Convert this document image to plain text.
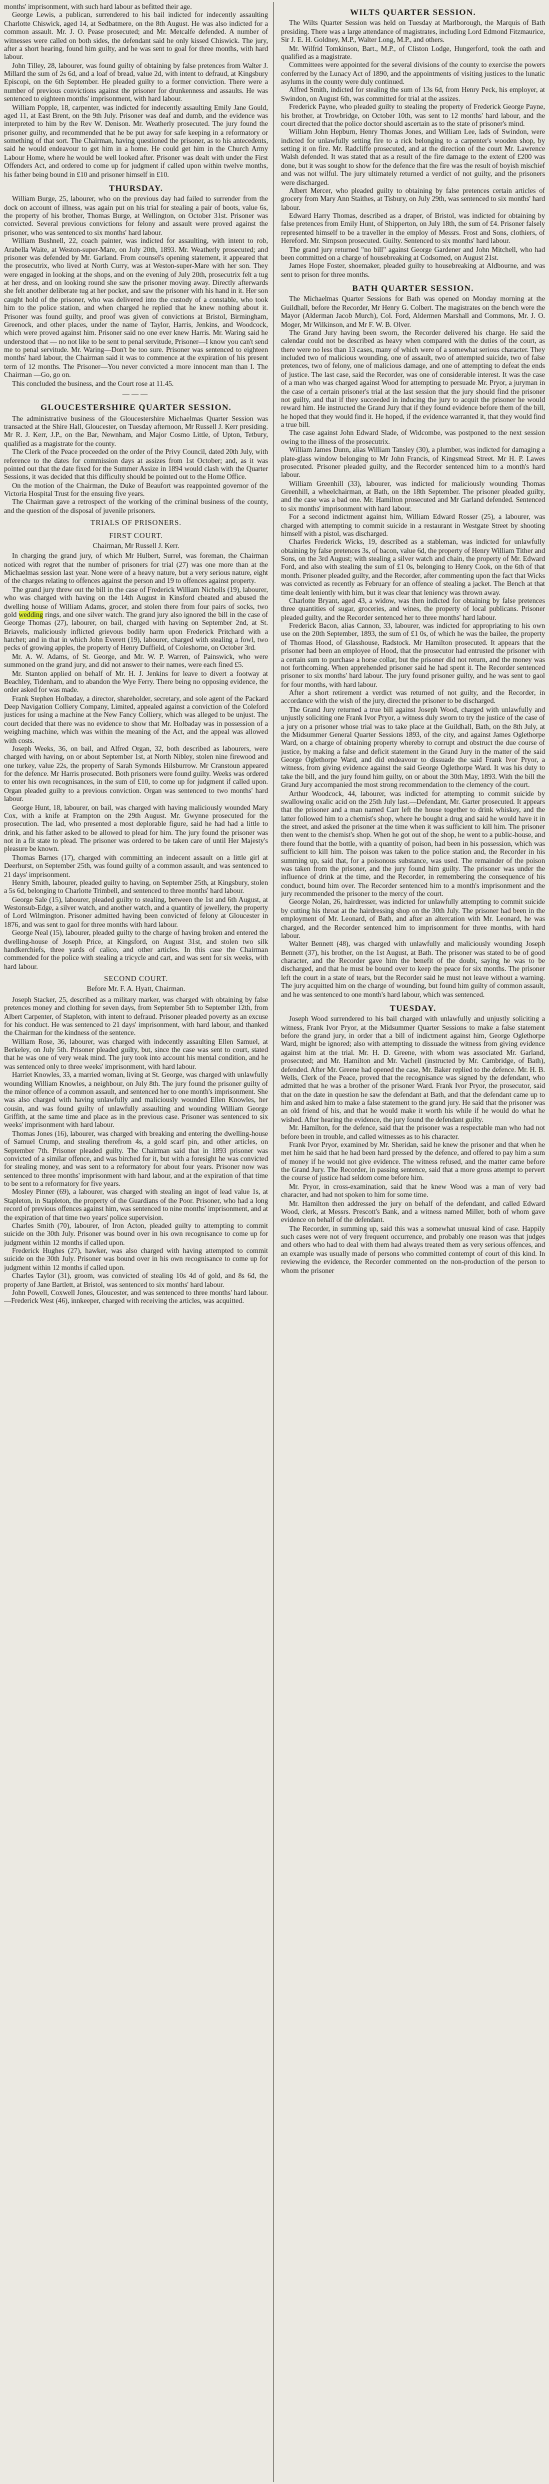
months' imprisonment, with such hard labour as befitted their age.

George Lewis, a publican, surrendered to his bail indicted for indecently assaulting Charlotte Chiswick, aged 14, at Sedbatmere, on the 8th August. He was also indicted for a common assault. Mr. J. O. Pease prosecuted; and Mr. Metcalfe defended. A number of witnesses were called on both sides, the defendant said he only kissed Chiswick. The jury, after a short hearing, found him guilty, and he was sent to goal for three months, with hard labour.

John Tilley, 28, labourer, was found guilty of obtaining by false pretences from Walter J. Millard the sum of 2s 6d, and a loaf of bread, value 2d, with intent to defraud, at Kingsbury Episcopi, on the 6th September. He pleaded guilty to a former conviction. There were a number of previous convictions against the prisoner for drunkenness and assaults. He was sentenced to eighteen months' imprisonment, with hard labour.

William Popple, 18, carpenter, was indicted for indecently assaulting Emily Jane Gould, aged 11, at East Brent, on the 9th July. Prisoner was deaf and dumb, and the evidence was interpreted to him by the Rev W. Denison. Mr. Weatherly prosecuted. The jury found the prisoner guilty, and recommended that he be put away for safe keeping in a reformatory or something of that sort. The Chairman, having questioned the prisoner, as to his antecedents, said he would endeavour to get him in a home. He could get him in the Church Army Labour Home, where he would be well looked after. Prisoner was dealt with under the First Offenders Act, and ordered to come up for judgment if called upon within twelve months, his father being bound in £10 and prisoner himself in £10.

THURSDAY.

William Burge, 25, labourer, who on the previous day had failed to surrender from the dock on account of illness, was again put on his trial for stealing a pair of boots, value 6s, the property of his brother, Thomas Burge, at Wellington, on October 31st. Prisoner was convicted. Several previous convictions for felony and assault were proved against the prisoner, who was sentenced to six months' hard labour.

William Bushnell, 22, coach painter, was indicted for assaulting, with intent to rob, Arabella Waite, at Weston-super-Mare, on July 20th, 1893. Mr. Weatherly prosecuted; and prisoner was defended by Mr. Garland. From counsel's opening statement, it appeared that the prosecutrix, who lived at North Curry, was at Weston-super-Mare with her son. They were engaged in looking at the shops, and on the evening of July 20th, prosecutrix felt a tug at her dress, and on looking round she saw the prisoner moving away. Directly afterwards she felt another deliberate tug at her pocket, and saw the prisoner with his hand in it. Her son caught hold of the prisoner, who was delivered into the custody of a constable, who took him to the police station, and when charged he replied that he knew nothing about it. Prisoner was found guilty, and proof was given of convictions at Bristol, Birmingham, Greenock, and other places, under the name of Taylor, Harris, Jenkins, and Woodcock, which were proved against him. Prisoner said no one ever knew Harris. Mr. Waring said he understood that — no not like to be sent to penal servitude, Prisoner—I know you can't send me to penal servitude. Mr. Waring—Don't be too sure. Prisoner was sentenced to eighteen months' hard labour, the Chairman said it was to commence at the expiration of his present term of 12 months. The Prisoner—You never convicted a more innocent man than I. The Chairman —Go, go on.

This concluded the business, and the Court rose at 11.45.

———

GLOUCESTERSHIRE QUARTER SESSION.

The administrative business of the Gloucestershire Michaelmas Quarter Session was transacted at the Shire Hall, Gloucester, on Tuesday afternoon, Mr Russell J. Kerr presiding. Mr R. J. Kerr, J.P., on the Bar, Newnham, and Major Cosmo Little, of Upton, Tetbury, qualified as a magistrate for the county.

The Clerk of the Peace proceeded on the order of the Privy Council, dated 20th July, with reference to the dates for commission days at assizes from 1st October; and, as it was pointed out that the date fixed for the Summer Assize in 1894 would clash with the Quarter Sessions, it was decided that this difficulty should be pointed out to the Home Office.

On the motion of the Chairman, the Duke of Beaufort was reappointed governor of the Victoria Hospital Trust for the ensuing five years.

The Chairman gave a retrospect of the working of the criminal business of the county, and the question of the disposal of juvenile prisoners.

TRIALS OF PRISONERS.

FIRST COURT.

Chairman, Mr Russell J. Kerr.

In charging the grand jury, of which Mr Hulbert, Surrel, was foreman, the Chairman noticed with regret that the number of prisoners for trial (27) was one more than at the Michaelmas session last year. None were of a heavy nature, but a very serious nature, eight of the charges relating to offences against the person and 19 to offences against property.

The grand jury threw out the bill in the case of Frederick William Nicholls (19), labourer, who was charged with having on the 14th August in Kinsford cheated and abused the dwelling house of William Adams, grocer, and stolen there from four pairs of socks, two gold wedding rings, and one silver watch. The grand jury also ignored the bill in the case of George Thomas (27), labourer, on bail, charged with having on September 2nd, at St. Briavels, maliciously inflicted grievous bodily harm upon Frederick Pritchard with a hatchet; and in that in which John Everett (19), labourer, charged with stealing a fowl, two pecks of growing apples, the property of Henry Duffield, of Coleshorne, on October 3rd.

Mr. A. W. Adams, of St. George, and Mr. W. P. Warren, of Painswick, who were summoned on the grand jury, and did not answer to their names, were each fined £5.

Mr. Stanton applied on behalf of Mr. H. J. Jenkins for leave to divert a footway at Beachley, Tidenham, and to abandon the Wye Ferry. There being no opposing evidence, the order asked for was made.

Frank Stephen Holbaday, a director, shareholder, secretary, and sole agent of the Packard Deep Navigation Colliery Company, Limited, appealed against a conviction of the Coleford justices for using a machine at the New Fancy Colliery, which was alleged to be unjust. The court decided that there was no evidence to show that Mr. Holbaday was in possession of a weighing machine, which was within the meaning of the Act, and the appeal was allowed with costs.

Joseph Weeks, 36, on bail, and Alfred Organ, 32, both described as labourers, were charged with having, on or about September 1st, at North Nibley, stolen nine firewood and one turkey, value 22s, the property of Sarah Symonds Hilsburrow. Mr Cranstoun appeared for the defence. Mr Harris prosecuted. Both prisoners were found guilty. Weeks was ordered to enter his own recognisances, in the sum of £10, to come up for judgment if called upon. Organ pleaded guilty to a previous conviction. Organ was sentenced to two months' hard labour.

George Hunt, 18, labourer, on bail, was charged with having maliciously wounded Mary Cox, with a knife at Frampton on the 29th August. Mr. Gwynne prosecuted for the prosecution. The lad, who presented a most deplorable figure, said he had had a little to drink, and his father asked to be allowed to plead for him. The jury found the prisoner was not in a fit state to plead. The prisoner was ordered to be taken care of until Her Majesty's pleasure be known.

Thomas Barnes (17), charged with committing an indecent assault on a little girl at Deerhurst, on September 25th, was found guilty of a common assault, and was sentenced to 21 days' imprisonment.

Henry Smith, labourer, pleaded guilty to having, on September 25th, at Kingsbury, stolen a 5s 6d, belonging to Charlotte Trimbell, and sentenced to three months' hard labour.

George Sale (15), labourer, pleaded guilty to stealing, between the 1st and 6th August, at Westonsub-Edge, a silver watch, and another watch, and a quantity of jewellery, the property of Lord Wilmington. Prisoner admitted having been convicted of felony at Gloucester in 1876, and was sent to gaol for three months with hard labour.

George Neal (15), labourer, pleaded guilty to the charge of having broken and entered the dwelling-house of Joseph Price, at Kingsford, on August 31st, and stolen two silk handkerchiefs, three yards of calico, and other articles. In this case the Chairman commended for the police with stealing a tricycle and cart, and was sent for six weeks, with hard labour.

SECOND COURT.

Before Mr. F. A. Hyatt, Chairman.

Joseph Stacker, 25, described as a military marker, was charged with obtaining by false pretences money and clothing for seven days, from September 5th to September 12th, from Albert Carpenter, of Stapleton, with intent to defraud. Prisoner pleaded poverty as an excuse for his conduct. He was sentenced to 21 days' imprisonment, with hard labour, and thanked the Chairman for the kindness of the sentence.

William Rose, 36, labourer, was charged with indecently assaulting Ellen Samuel, at Berkeley, on July 5th. Prisoner pleaded guilty, but, since the case was sent to court, stated that he was one of very weak mind. The jury took into account his mental condition, and he was sentenced only to three weeks' imprisonment, with hard labour.

Harriet Knowles, 33, a married woman, living at St. George, was charged with unlawfully wounding William Knowles, a neighbour, on July 8th. The jury found the prisoner guilty of the minor offence of a common assault, and sentenced her to one month's imprisonment. She was also charged with having unlawfully and maliciously wounded Ellen Knowles, her cousin, and was found guilty of unlawfully assaulting and wounding William George Griffith, at the same time and place as in the previous case. Prisoner was sentenced to six weeks' imprisonment with hard labour.

Thomas Jones (16), labourer, was charged with breaking and entering the dwelling-house of Samuel Crump, and stealing therefrom 4s, a gold scarf pin, and other articles, on September 7th. Prisoner pleaded guilty. The Chairman said that in 1893 prisoner was convicted of a similar offence, and was birched for it, but with a foresight he was convicted for stealing money, and was sent to a reformatory for about four years. Prisoner now was sentenced to three months' imprisonment with hard labour, and at the expiration of that time to be sent to a reformatory for five years.

Mosley Pinner (69), a labourer, was charged with stealing an ingot of lead value 1s, at Stapleton, in Stapleton, the property of the Guardians of the Poor. Prisoner, who had a long record of previous offences against him, was sentenced to nine months' imprisonment, and at the expiration of that time two years' police supervision.

Charles Smith (70), labourer, of Iron Acton, pleaded guilty to attempting to commit suicide on the 30th July. Prisoner was bound over in his own recognisance to come up for judgment within 12 months if called upon.

Frederick Hughes (27), hawker, was also charged with having attempted to commit suicide on the 30th July. Prisoner was bound over in his own recognisance to come up for judgment within 12 months if called upon.

Charles Taylor (31), groom, was convicted of stealing 10s 4d of gold, and 8s 6d, the property of Jane Bartlett, at Bristol, was sentenced to six months' hard labour.

John Powell, Coxwell Jones, Gloucester, and was sentenced to three months' hard labour.—Frederick West (46), innkeeper, charged with receiving the articles, was acquitted.

WILTS QUARTER SESSION.

The Wilts Quarter Session was held on Tuesday at Marlborough, the Marquis of Bath presiding. There was a large attendance of magistrates, including Lord Edmond Fitzmaurice, Sir J. E. H. Goldney, M.P., Walter Long, M.P., and others.

Mr. Wilfrid Tomkinson, Bart., M.P., of Cliston Lodge, Hungerford, took the oath and qualified as a magistrate.

Committees were appointed for the several divisions of the county to exercise the powers conferred by the Lunacy Act of 1890, and the appointments of visiting justices to the lunatic asylums in the county were duly continued.

Alfred Smith, indicted for stealing the sum of 13s 6d, from Henry Peck, his employer, at Swindon, on August 6th, was committed for trial at the assizes.

Frederick Payne, who pleaded guilty to stealing the property of Frederick George Payne, his brother, at Trowbridge, on October 10th, was sent to 12 months' hard labour, and the court directed that the police doctor should ascertain as to the state of prisoner's mind.

William John Hepburn, Henry Thomas Jones, and William Lee, lads of Swindon, were indicted for unlawfully setting fire to a rick belonging to a carpenter's wooden shop, by setting it on fire. Mr. Radcliffe prosecuted, and at the direction of the court Mr. Lawrence Walsh defended. It was stated that as a result of the fire damage to the extent of £200 was done, but it was sought to show for the defence that the fire was the result of boyish mischief and was not wilful. The jury ultimately returned a verdict of not guilty, and the prisoners were discharged.

Albert Mercer, who pleaded guilty to obtaining by false pretences certain articles of grocery from Mary Ann Staithes, at Tisbury, on July 29th, was sentenced to six months' hard labour.

Edward Harry Thomas, described as a draper, of Bristol, was indicted for obtaining by false pretences from Emily Hunt, of Shipperton, on July 18th, the sum of £4. Prisoner falsely represented himself to be a traveller in the employ of Messrs. Frost and Sons, clothiers, of Hereford. Mr. Simpson prosecuted. Guilty. Sentenced to six months' hard labour.

The grand jury returned "no bill" against George Gardener and John Mitchell, who had been committed on a charge of housebreaking at Codsomed, on August 21st.

James Hope Foster, shoemaker, pleaded guilty to housebreaking at Aldbourne, and was sent to prison for three months.

BATH QUARTER SESSION.

The Michaelmas Quarter Sessions for Bath was opened on Monday morning at the Guildhall, before the Recorder, Mr Henry G. Colbert. The magistrates on the bench were the Mayor (Alderman Jacob Murch), Col. Ford, Aldermen Marshall and Commons, Mr. J. O. Moger, Mr Wilkinson, and Mr F. W. B. Olver.

The Grand Jury having been sworn, the Recorder delivered his charge. He said the calendar could not be described as heavy when compared with the duties of the court, as there were no less than 13 cases, many of which were of a somewhat serious character. They included two of malicious wounding, one of assault, two of attempted suicide, two of false pretences, two of felony, one of malicious damage, and one of attempting to defeat the ends of justice. The last case, said the Recorder, was one of considerable interest. It was the case of a man who was charged against Wood for attempting to persuade Mr. Pryor, a juryman in the case of a certain prisoner's trial at the last session that the jury should find the prisoner not guilty, and that if they succeeded in inducing the jury to acquit the prisoner he would reward him. He instructed the Grand Jury that if they found evidence before them of the bill, he hoped that they would find it. He hoped, if the evidence warranted it, that they would find a true bill.

The case against John Edward Slade, of Widcombe, was postponed to the next session owing to the illness of the prosecutrix.

William James Dunn, alias William Tansley (30), a plumber, was indicted for damaging a plate-glass window belonging to Mr John Francis, of Kingsmead Street. Mr H. P. Lawes prosecuted. Prisoner pleaded guilty, and the Recorder sentenced him to a month's hard labour.

William Greenhill (33), labourer, was indicted for maliciously wounding Thomas Greenhill, a wheelchairman, at Bath, on the 18th September. The prisoner pleaded guilty, and the case was a bad one. Mr. Hamilton prosecuted and Mr Garland defended. Sentenced to six months' imprisonment with hard labour.

For a second indictment against him, William Edward Rosser (25), a labourer, was charged with attempting to commit suicide in a restaurant in Westgate Street by shooting himself with a pistol, was discharged.

Charles Frederick Wicks, 19, described as a stableman, was indicted for unlawfully obtaining by false pretences 3s, of bacon, value 6d, the property of Henry William Tither and Sons, on the 3rd August; with stealing a silver watch and chain, the property of Mr. Edward Ford, and also with stealing the sum of £1 0s, belonging to Henry Cook, on the 6th of that month. Prisoner pleaded guilty, and the Recorder, after commenting upon the fact that Wicks was convicted as recently as February for an offence of stealing a jacket. The Bench at that time dealt leniently with him, but it was clear that leniency was thrown away.

Charlotte Bryant, aged 43, a widow, was then indicted for obtaining by false pretences three quantities of sugar, groceries, and wines, the property of local publicans. Prisoner pleaded guilty, and the Recorder sentenced her to three months' hard labour.

Frederick Bacon, alias Cannon, 33, labourer, was indicted for appropriating to his own use on the 20th September, 1893, the sum of £1 0s, of which he was the bailee, the property of Thomas Hood, of Glasshouse, Radstock. Mr Hamilton prosecuted. It appears that the prisoner had been an employee of Hood, that the prosecutor had entrusted the prisoner with a certain sum to purchase a horse collar, but the prisoner did not return, and the money was not forthcoming. When apprehended prisoner said he had spent it. The Recorder sentenced prisoner to six months' hard labour. The jury found prisoner guilty, and he was sent to gaol for four months, with hard labour.

After a short retirement a verdict was returned of not guilty, and the Recorder, in accordance with the wish of the jury, directed the prisoner to be discharged.

The Grand Jury returned a true bill against Joseph Wood, charged with unlawfully and unjustly soliciting one Frank Ivor Pryor, a witness duly sworn to try the justice of the case of a jury on a prisoner whose trial was to take place at the Guildhall, Bath, on the 8th July, at the Midsummer General Quarter Sessions 1893, of the city, and against James Oglethorpe Ward, on a charge of obtaining property whereby to corrupt and obstruct the due course of justice, by making a false and deficit statement in the Grand Jury in the matter of the said George Oglethorpe Ward, and did endeavour to dissuade the said Frank Ivor Pryor, a witness, from giving evidence against the said George Oglethorpe Ward. It was his duty to take the bill, and the jury found him guilty, on or about the 30th May, 1893. With the bill the Grand Jury accompanied the most strong recommendation to the clemency of the court.

Arthur Woodcock, 44, labourer, was indicted for attempting to commit suicide by swallowing oxalic acid on the 25th July last.—Defendant, Mr. Garter prosecuted. It appears that the prisoner and a man named Carr left the house together to drink whiskey, and the latter followed him to a chemist's shop, where he bought a drug and said he would have it in the street, and asked the prisoner at the time when it was sufficient to kill him. The prisoner then went to the chemist's shop. When he got out of the shop, he went to a public-house, and there found that the bottle, with a quantity of poison, had been in his possession, which was sufficient to kill him. The poison was taken to the police station and, the Recorder in his summing up, said that, for a poisonous substance, was used. The remainder of the poison was taken from the prisoner, and the jury found him guilty. The prisoner was under the influence of drink at the time, and the Recorder, in remembering the consequence of his conduct, bound him over. The Recorder sentenced him to a month's imprisonment and the jury recommended the prisoner to the mercy of the court.

George Nolan, 26, hairdresser, was indicted for unlawfully attempting to commit suicide by cutting his throat at the hairdressing shop on the 30th July. The prisoner had been in the employment of Mr. Leonard, of Bath, and after an altercation with Mr. Leonard, he was charged, and the Recorder sentenced him to imprisonment for three months, with hard labour.

Walter Bennett (48), was charged with unlawfully and maliciously wounding Joseph Bennett (37), his brother, on the 1st August, at Bath. The prisoner was stated to be of good character, and the Recorder gave him the benefit of the doubt, saying he was to be discharged, and that he must be bound over to keep the peace for six months. The prisoner left the court in a state of tears, but the Recorder said he must not leave without a warning. The jury acquitted him on the charge of wounding, but found him guilty of common assault, and he was sentenced to one month's hard labour, which was sentenced.

TUESDAY.

Joseph Wood surrendered to his bail charged with unlawfully and unjustly soliciting a witness, Frank Ivor Pryor, at the Midsummer Quarter Sessions to make a false statement before the grand jury, in order that a bill of indictment against him, George Oglethorpe Ward, might be ignored; also with attempting to dissuade the witness from giving evidence against him at the trial. Mr. H. D. Greene, with whom was associated Mr. Garland, prosecuted; and Mr. Hamilton and Mr. Vachell (instructed by Mr. Cambridge, of Bath), defended. After Mr. Greene had opened the case, Mr. Baker replied to the defence. Mr. H. B. Wells, Clerk of the Peace, proved that the recognisance was signed by the defendant, who admitted that he was a brother of the prisoner Ward. Frank Ivor Pryor, the prosecutor, said that on the date in question he saw the defendant at Bath, and that the defendant came up to him and asked him to make a false statement to the grand jury. He said that the prisoner was an old friend of his, and that he would make it worth his while if he would do what he wished. After hearing the evidence, the jury found the defendant guilty.

Mr. Hamilton, for the defence, said that the prisoner was a respectable man who had not before been in trouble, and called witnesses as to his character.

Frank Ivor Pryor, examined by Mr. Sheridan, said he knew the prisoner and that when he met him he said that he had been hard pressed by the defence, and offered to pay him a sum of money if he would not give evidence. The witness refused, and the matter came before the Grand Jury. The Recorder, in passing sentence, said that a more gross attempt to pervert the course of justice had seldom come before him.

Mr. Pryor, in cross-examination, said that he knew Wood was a man of very bad character, and had not spoken to him for some time.

Mr. Hamilton then addressed the jury on behalf of the defendant, and called Edward Wood, clerk, at Messrs. Prescott's Bank, and a witness named Miller, both of whom gave evidence on behalf of the defendant.

The Recorder, in summing up, said this was a somewhat unusual kind of case. Happily such cases were not of very frequent occurrence, and probably one reason was that judges and others who had to deal with them had always treated them as very serious offences, and an example was usually made of persons who committed contempt of court of this kind. In reviewing the evidence, the Recorder commented on the non-production of the person to whom the prisoner
